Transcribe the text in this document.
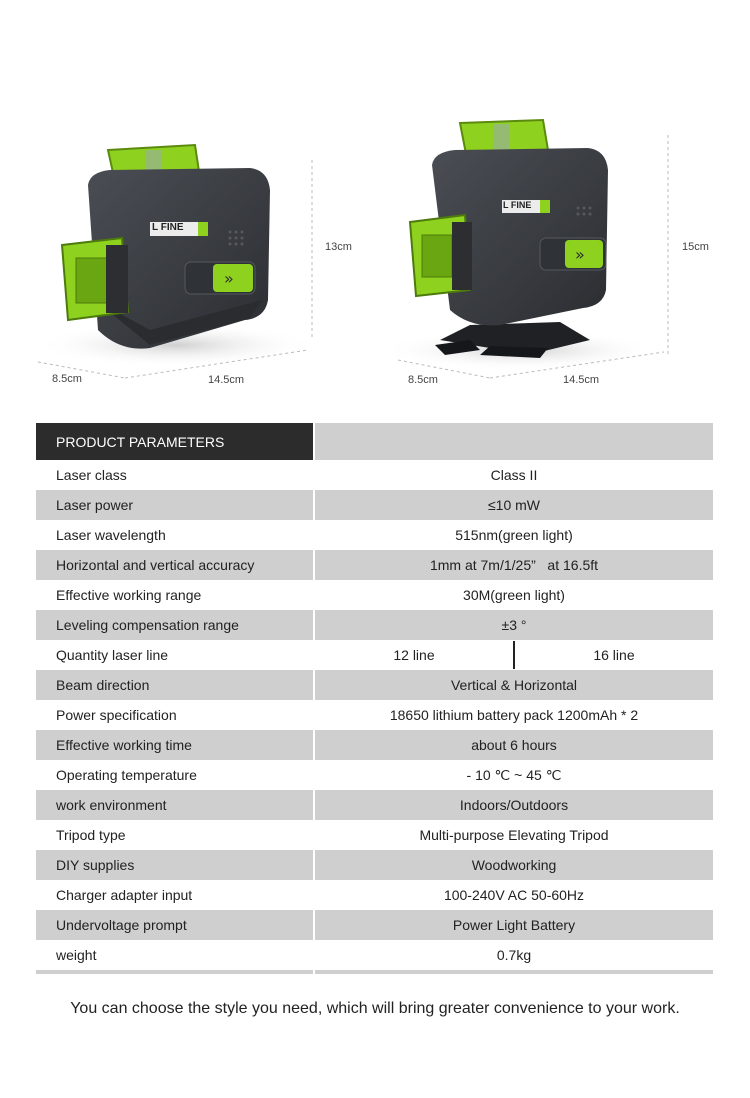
»
»
13cm
8.5cm	14.5cm
L FINE
15cm
8.5cm	14.5cm
L FINE
PRODUCT PARAMETERS
Laser class	Class II
Laser power	≤10 mW
Laser wavelength	515nm(green light)
Horizontal and vertical accuracy	1mm at 7m/1/25”   at 16.5ft
Effective working range	30M(green light)
Leveling compensation range	±3 °
Quantity laser line	12 line	16 line
Beam direction	Vertical & Horizontal
Power specification	18650 lithium battery pack 1200mAh * 2
Effective working time	about 6 hours
Operating temperature	- 10 ℃ ~ 45 ℃
work environment	Indoors/Outdoors
Tripod type	Multi-purpose Elevating Tripod
DIY supplies	Woodworking
Charger adapter input	100-240V AC 50-60Hz
Undervoltage prompt	Power Light Battery
weight	0.7kg
You can choose the style you need, which will bring greater convenience to your work.
